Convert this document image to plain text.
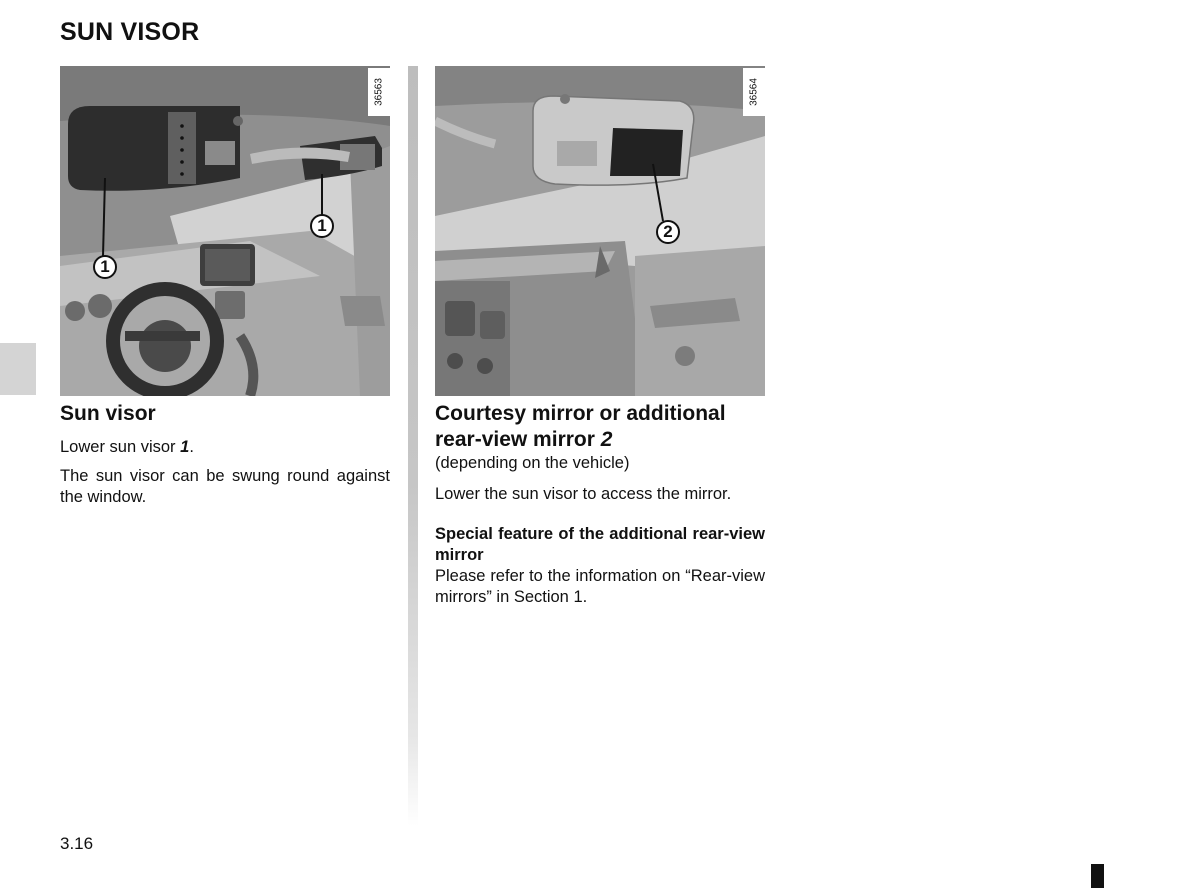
SUN VISOR
36563
1
1
36564
2
Sun visor

Lower sun visor 1.

The sun visor can be swung round against the window.

Courtesy mirror or additional rear-view mirror 2

(depending on the vehicle)

Lower the sun visor to access the mirror.

Special feature of the additional rear-view mirror

Please refer to the information on “Rear-view mirrors” in Section 1.

3.16
